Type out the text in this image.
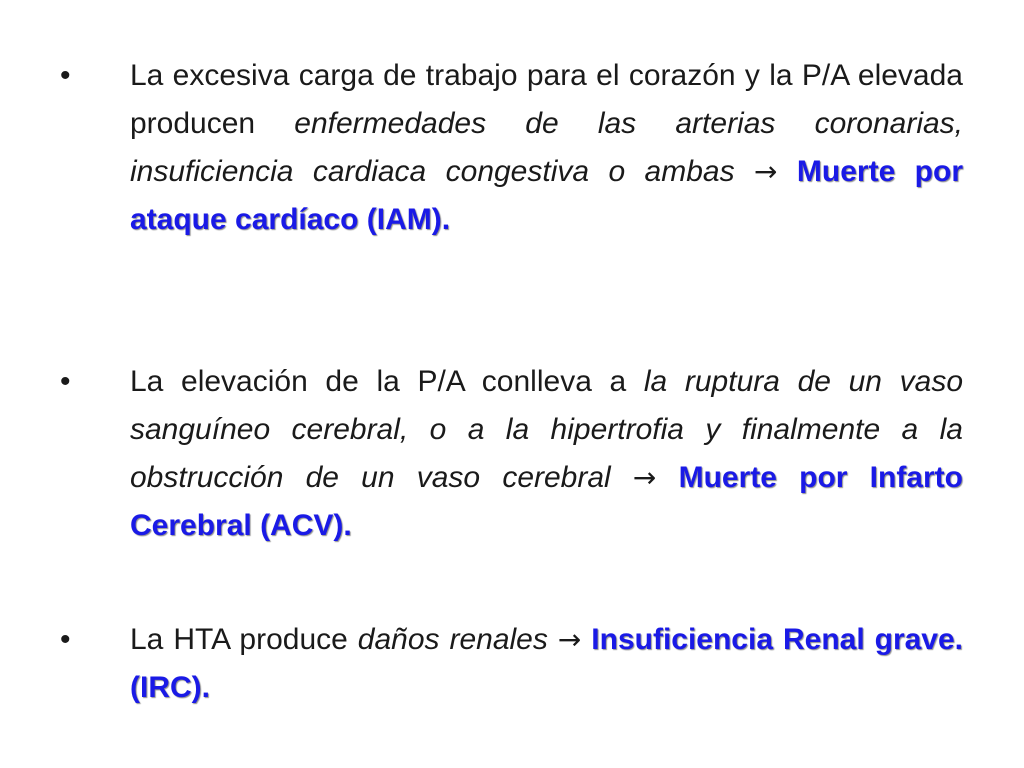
• La excesiva carga de trabajo para el corazón y la P/A elevada producen enfermedades de las arterias coronarias, insuficiencia cardiaca congestiva o ambas → Muerte por ataque cardíaco (IAM).

• La elevación de la P/A conlleva a la ruptura de un vaso sanguíneo cerebral, o a la hipertrofia y finalmente a la obstrucción de un vaso cerebral → Muerte por Infarto Cerebral (ACV).

• La HTA produce daños renales → Insuficiencia Renal grave. (IRC).
